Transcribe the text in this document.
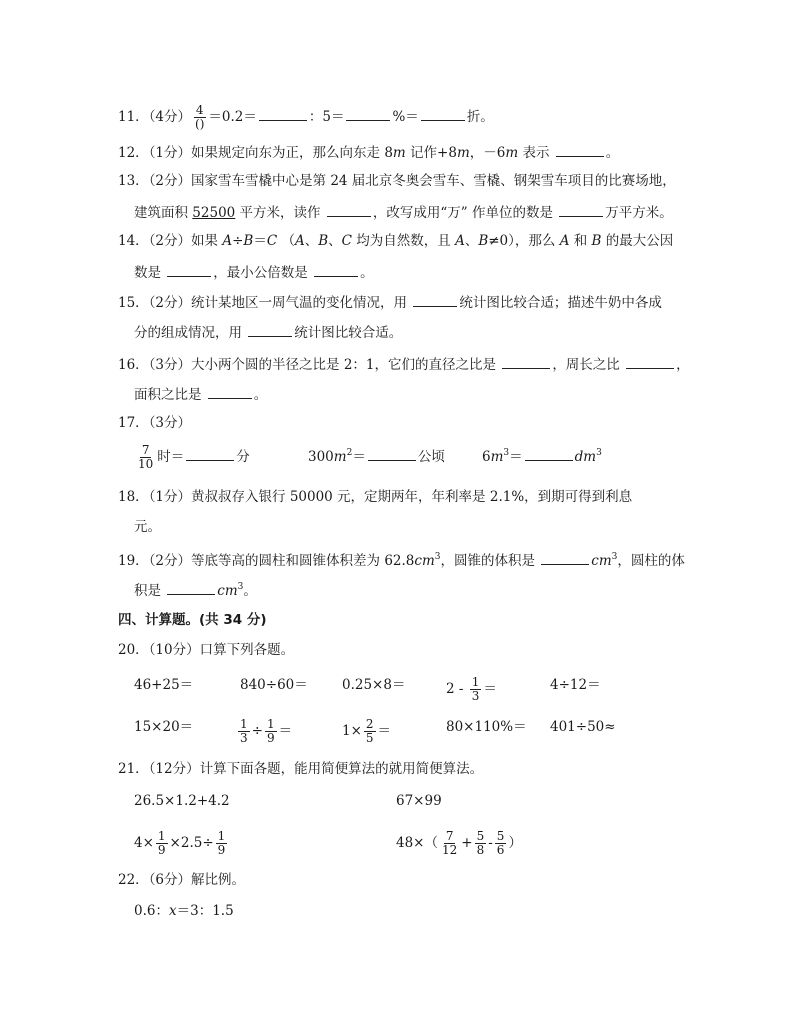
11．（4分） $\frac{4}{()} =0.2=$	：5＝	%＝	折。
12．（1分）如果规定向东为正，那么向东走 8m 记作+8m，－6m 表示	。
13．（2分）国家雪车雪橇中心是第 24 届北京冬奥会雪车、雪橇、钢架雪车项目的比赛场地，
建筑面积 52500 平方米，读作	，改写成用“万” 作单位的数是	万平方米。
14．（2分）如果 A÷B＝C （A、B、C 均为自然数，且 A、B≠0），那么 A 和 B 的最大公因
数是	，最小公倍数是	。
15．（2分）统计某地区一周气温的变化情况，用	统计图比较合适；描述牛奶中各成
分的组成情况，用	统计图比较合适。
16．（3分）大小两个圆的半径之比是 2：1，它们的直径之比是	，周长之比	，
面积之比是	。
17．（3分）
$\frac{7}{10}$ 时＝	分	$300m^2=$	公顷	$6m^3=$	$dm^3$
18．（1分）黄叔叔存入银行 50000 元，定期两年，年利率是 2.1%，到期可得到利息
元。
19．（2分）等底等高的圆柱和圆锥体积差为 $62.8cm^3$，圆锥的体积是	$cm^3$，圆柱的体
积是	$cm^3$。
四、计算题。(共 34 分)
20．（10分）口算下列各题。
46+25＝	840÷60＝	0.25×8＝	$2 - \frac{1}{3}$ ＝	4÷12＝
15×20＝	$\frac{1}{3} \div \frac{1}{9}$ ＝	$1\times \frac{2}{5}$ ＝	80×110%＝ 401÷50≈
21．（12分）计算下面各题，能用简便算法的就用简便算法。
26.5×1.2+4.2	67×99
$4\times \frac{1}{9} \times 2.5\div \frac{1}{9}$	$48\times( \frac{7}{12} + \frac{5}{8} - \frac{5}{6}$ ）
22．（6分）解比例。
0.6：x＝3：1.5
